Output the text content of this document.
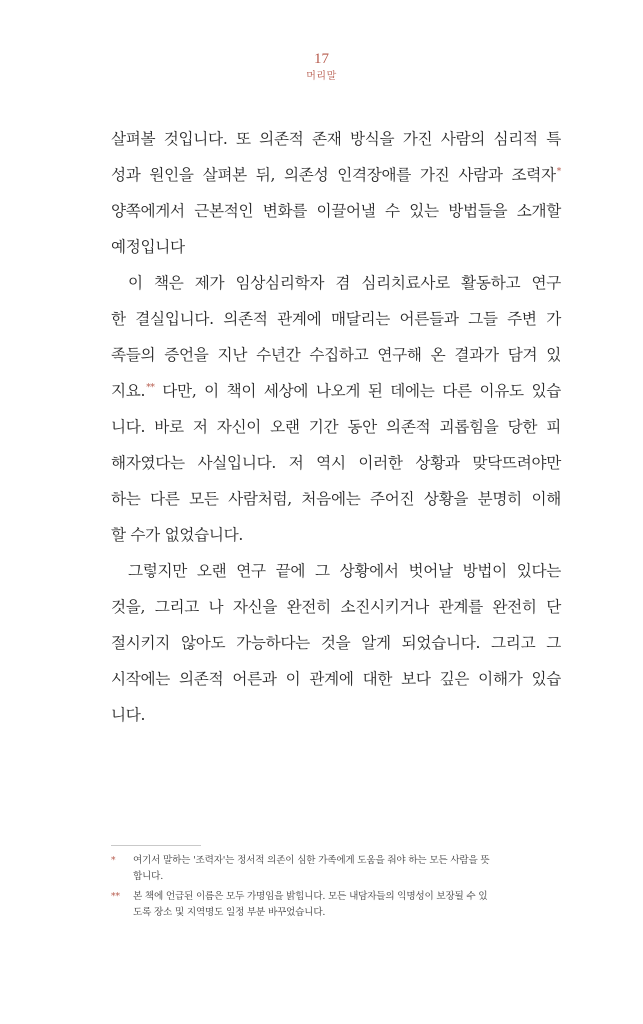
17
머리말
살펴볼 것입니다. 또 의존적 존재 방식을 가진 사람의 심리적 특
성과 원인을 살펴본 뒤, 의존성 인격장애를 가진 사람과 조력자*
양쪽에게서 근본적인 변화를 이끌어낼 수 있는 방법들을 소개할
예정입니다
이 책은 제가 임상심리학자 겸 심리치료사로 활동하고 연구
한 결실입니다. 의존적 관계에 매달리는 어른들과 그들 주변 가
족들의 증언을 지난 수년간 수집하고 연구해 온 결과가 담겨 있
지요.** 다만, 이 책이 세상에 나오게 된 데에는 다른 이유도 있습
니다. 바로 저 자신이 오랜 기간 동안 의존적 괴롭힘을 당한 피
해자였다는 사실입니다. 저 역시 이러한 상황과 맞닥뜨려야만
하는 다른 모든 사람처럼, 처음에는 주어진 상황을 분명히 이해
할 수가 없었습니다.
그렇지만 오랜 연구 끝에 그 상황에서 벗어날 방법이 있다는
것을, 그리고 나 자신을 완전히 소진시키거나 관계를 완전히 단
절시키지 않아도 가능하다는 것을 알게 되었습니다. 그리고 그
시작에는 의존적 어른과 이 관계에 대한 보다 깊은 이해가 있습
니다.
* 여기서 말하는 '조력자'는 정서적 의존이 심한 가족에게 도움을 줘야 하는 모든 사람을 뜻
합니다.
** 본 책에 언급된 이름은 모두 가명임을 밝힙니다. 모든 내담자들의 익명성이 보장될 수 있
도록 장소 및 지역명도 일정 부분 바꾸었습니다.
